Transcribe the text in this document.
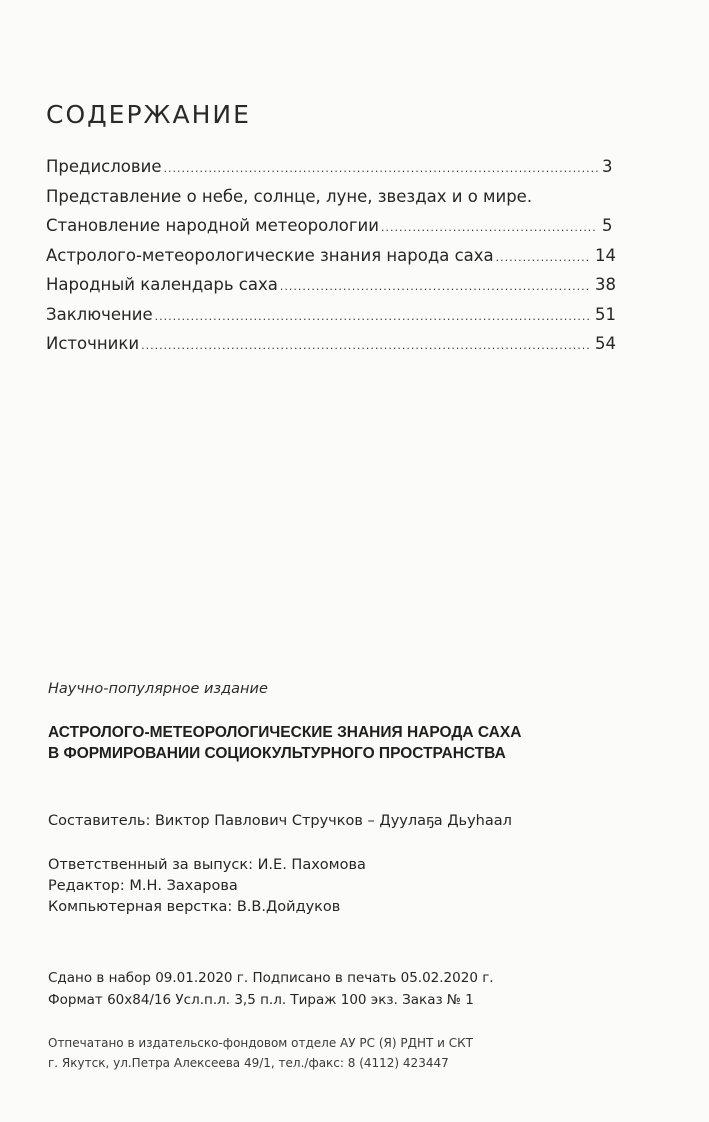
СОДЕРЖАНИЕ
Предисловие .....	3
Представление о небе, солнце, луне, звездах и о мире.
Становление народной метеорологии .....	5
Астролого-метеорологические знания народа саха .....	14
Народный календарь саха .....	38
Заключение .....	51
Источники .....	54

Научно-популярное издание

АСТРОЛОГО-МЕТЕОРОЛОГИЧЕСКИЕ ЗНАНИЯ НАРОДА САХА
В ФОРМИРОВАНИИ СОЦИОКУЛЬТУРНОГО ПРОСТРАНСТВА

Составитель: Виктор Павлович Стручков – Дуулаҕа Дьуһаал

Ответственный за выпуск: И.Е. Пахомова
Редактор: М.Н. Захарова
Компьютерная верстка: В.В.Дойдуков
Сдано в набор 09.01.2020 г. Подписано в печать 05.02.2020 г.
Формат 60х84/16 Усл.п.л. 3,5 п.л. Тираж 100 экз. Заказ № 1
Отпечатано в издательско-фондовом отделе АУ РС (Я) РДНТ и СКТ
г. Якутск, ул.Петра Алексеева 49/1, тел./факс: 8 (4112) 423447
